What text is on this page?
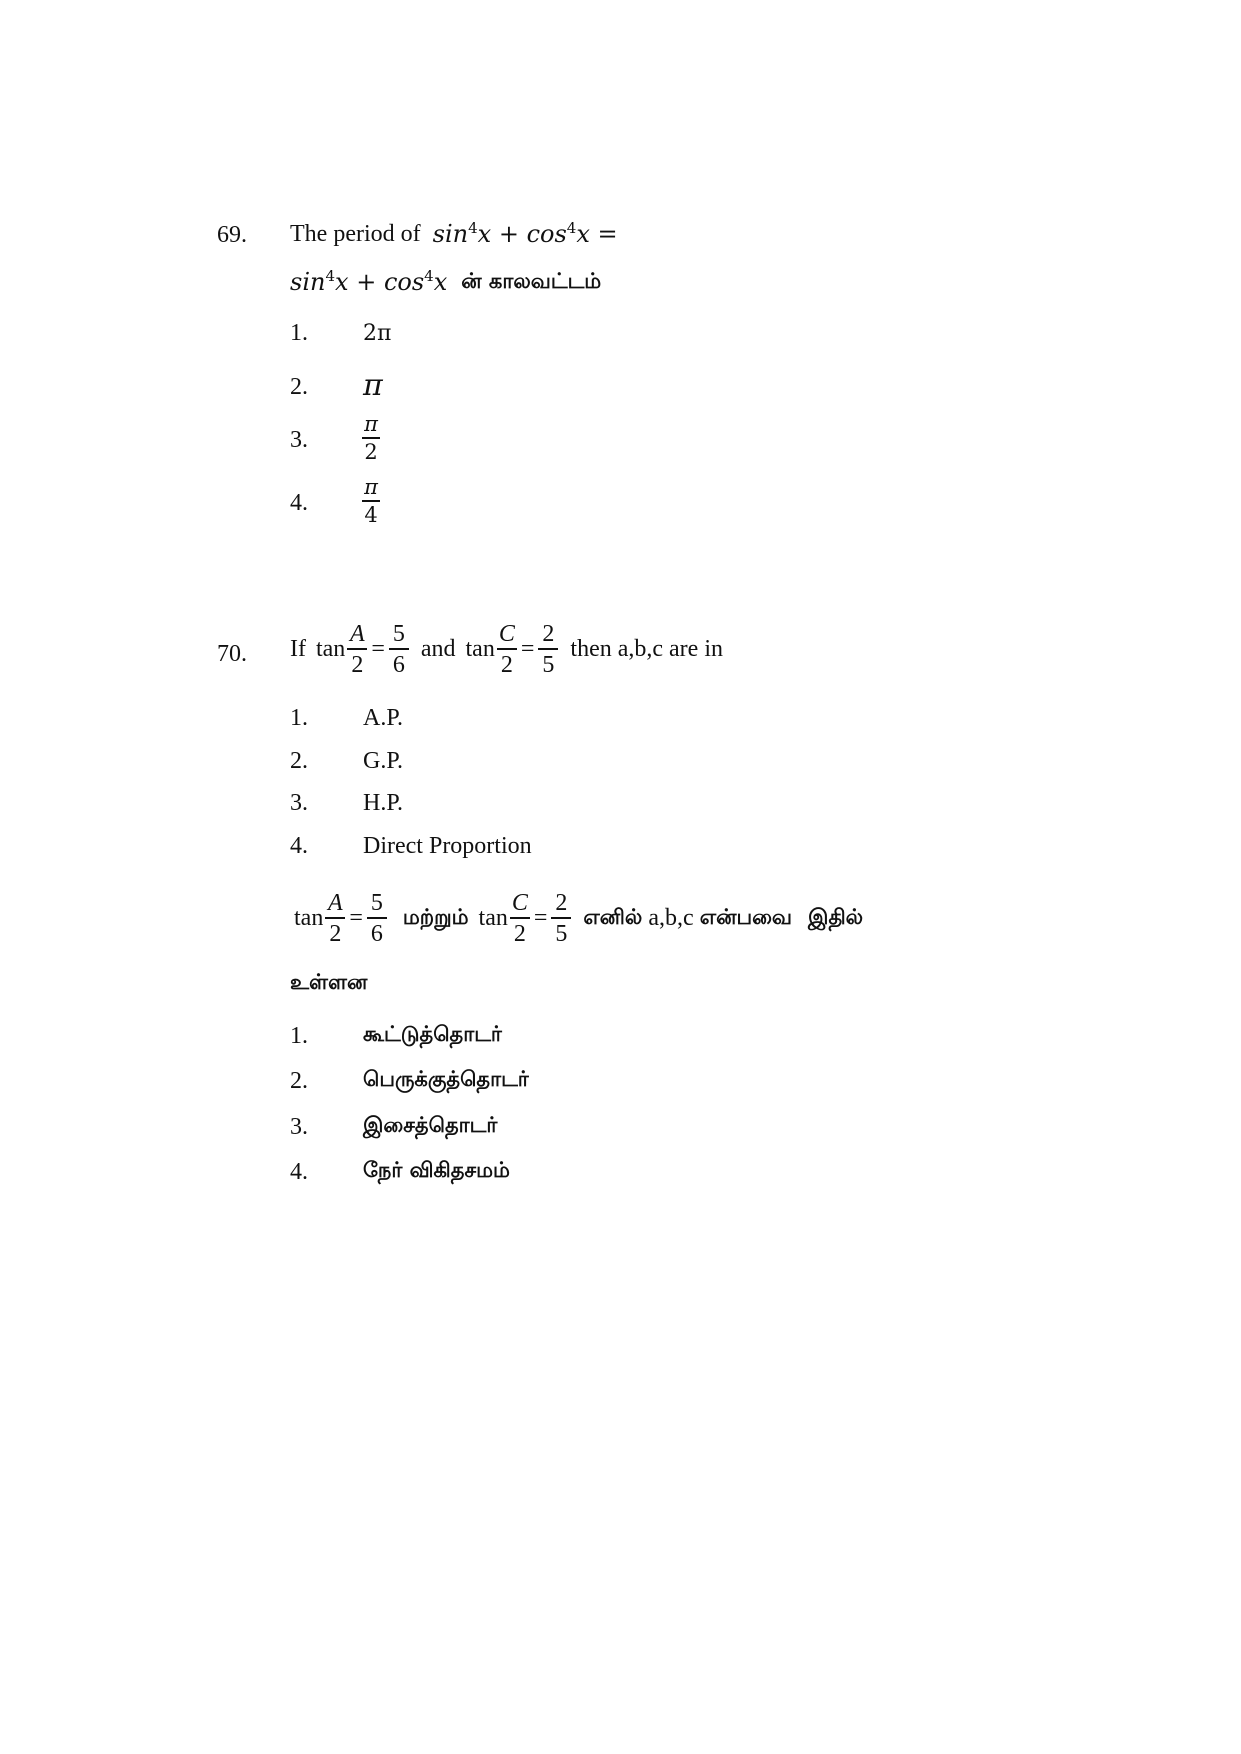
69. The period of $\sin^4x + \cos^4x$ =
$\sin^4x + \cos^4x$ ன் காலவட்டம்
1.	2π
2. π
3.	$\frac{\pi}{2}$
4.	$\frac{\pi}{4}$
70. If $\tan \frac{A}{2} = \frac{5}{6}$ and $\tan \frac{C}{2} = \frac{2}{5}$ then a,b,c are in
1. A.P.
2. G.P.
3. H.P.
4. Direct Proportion
$\tan \frac{A}{2} = \frac{5}{6}$ மற்றும் $\tan \frac{C}{2} = \frac{2}{5}$ எனில் a,b,c என்பவை இதில்
உள்ளன
1.	கூட்டுத்தொடர்
2.	பெருக்குத்தொடர்
3.	இசைத்தொடர்
4.	நேர் விகிதசமம்
